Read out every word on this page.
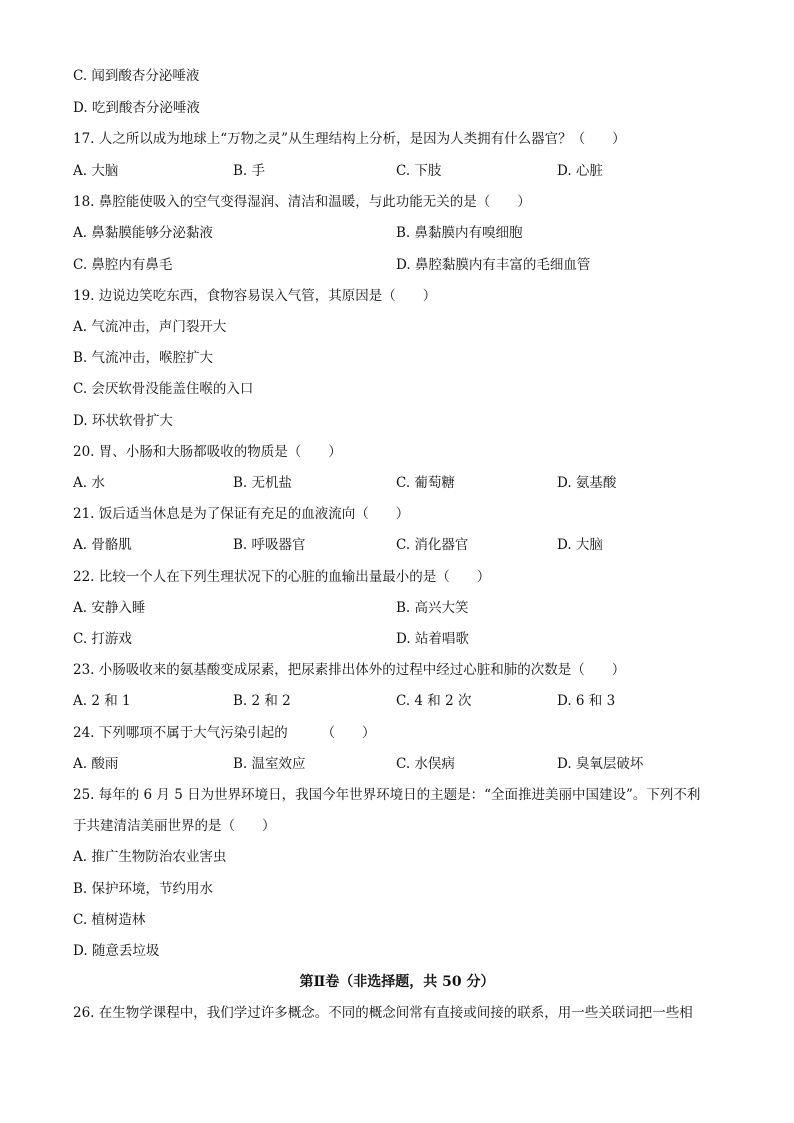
C. 闻到酸杏分泌唾液
D. 吃到酸杏分泌唾液
17. 人之所以成为地球上“万物之灵”从生理结构上分析，是因为人类拥有什么器官？（　　）
A. 大脑	B. 手	C. 下肢	D. 心脏
18. 鼻腔能使吸入的空气变得湿润、清洁和温暖，与此功能无关的是（　　）
A. 鼻黏膜能够分泌黏液	B. 鼻黏膜内有嗅细胞
C. 鼻腔内有鼻毛	D. 鼻腔黏膜内有丰富的毛细血管
19. 边说边笑吃东西，食物容易误入气管，其原因是（　　）
A. 气流冲击，声门裂开大
B. 气流冲击，喉腔扩大
C. 会厌软骨没能盖住喉的入口
D. 环状软骨扩大
20. 胃、小肠和大肠都吸收的物质是（　　）
A. 水	B. 无机盐	C. 葡萄糖	D. 氨基酸
21. 饭后适当休息是为了保证有充足的血液流向（　　）
A. 骨骼肌	B. 呼吸器官	C. 消化器官	D. 大脑
22. 比较一个人在下列生理状况下的心脏的血输出量最小的是（　　）
A. 安静入睡	B. 高兴大笑
C. 打游戏	D. 站着唱歌
23. 小肠吸收来的氨基酸变成尿素，把尿素排出体外的过程中经过心脏和肺的次数是（　　）
A. 2 和 1	B. 2 和 2	C. 4 和 2 次	D. 6 和 3
24. 下列哪项不属于大气污染引起的　　　（　　）
A. 酸雨	B. 温室效应	C. 水俣病	D. 臭氧层破坏
25. 每年的 6 月 5 日为世界环境日，我国今年世界环境日的主题是：“全面推进美丽中国建设”。下列不利
于共建清洁美丽世界的是（　　）
A. 推广生物防治农业害虫
B. 保护环境，节约用水
C. 植树造林
D. 随意丢垃圾
第Ⅱ卷（非选择题，共 50 分）
26. 在生物学课程中，我们学过许多概念。不同的概念间常有直接或间接的联系，用一些关联词把一些相
